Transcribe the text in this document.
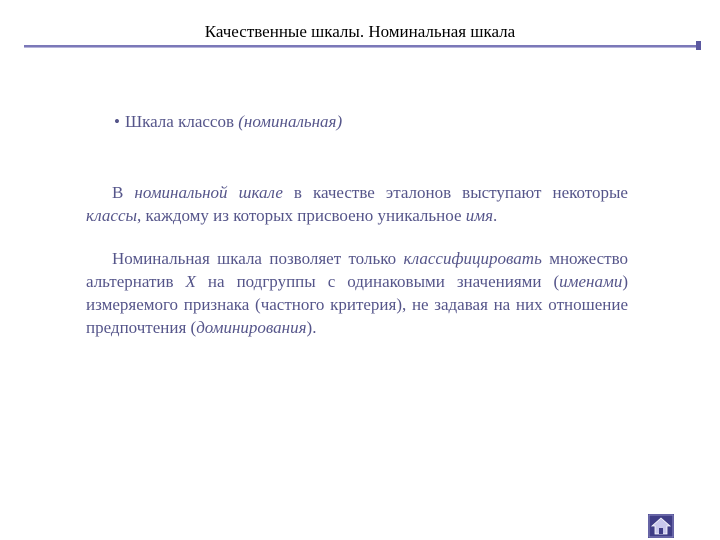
Качественные шкалы. Номинальная шкала
• Шкала классов (номинальная)

В номинальной шкале в качестве эталонов выступают некоторые классы, каждому из которых присвоено уникальное имя.

Номинальная шкала позволяет только классифицировать множество альтернатив X на подгруппы с одинаковыми значениями (именами) измеряемого признака (частного критерия), не задавая на них отношение предпочтения (доминирования).
